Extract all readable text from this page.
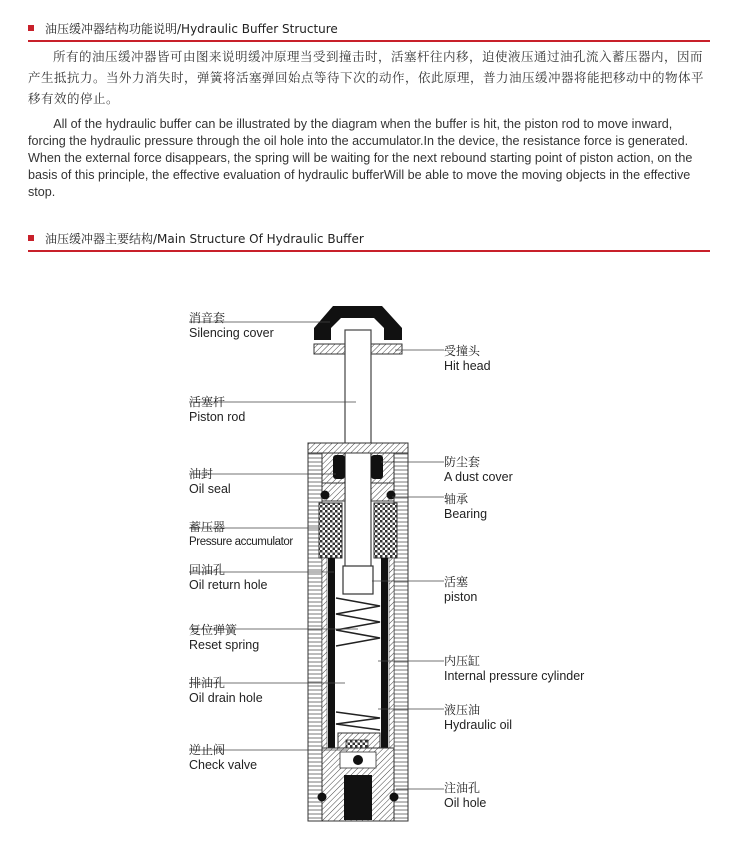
油压缓冲器结构功能说明/Hydraulic Buffer Structure
所有的油压缓冲器皆可由图来说明缓冲原理当受到撞击时，活塞杆往内移，迫使液压通过油孔流入蓄压器内，因而产生抵抗力。当外力消失时，弹簧将活塞弹回始点等待下次的动作，依此原理，普力油压缓冲器将能把移动中的物体平移有效的停止。
All of the hydraulic buffer can be illustrated by the diagram when the buffer is hit, the piston rod to move inward, forcing the hydraulic pressure through the oil hole into the accumulator.In the device, the resistance force is generated. When the external force disappears, the spring will be waiting for the next rebound starting point of piston action, on the basis of this principle, the effective evaluation of hydraulic bufferWill be able to move the moving objects in the effective stop.
油压缓冲器主要结构/Main Structure Of Hydraulic Buffer
消音套
Silencing cover
活塞杆
Piston rod
油封
Oil seal
蓄压器
Pressure accumulator
回油孔
Oil return hole
复位弹簧
Reset spring
排油孔
Oil drain hole
逆止阀
Check valve
受撞头
Hit head
防尘套
A dust cover
轴承
Bearing
活塞
piston
内压缸
Internal pressure cylinder
液压油
Hydraulic oil
注油孔
Oil hole
